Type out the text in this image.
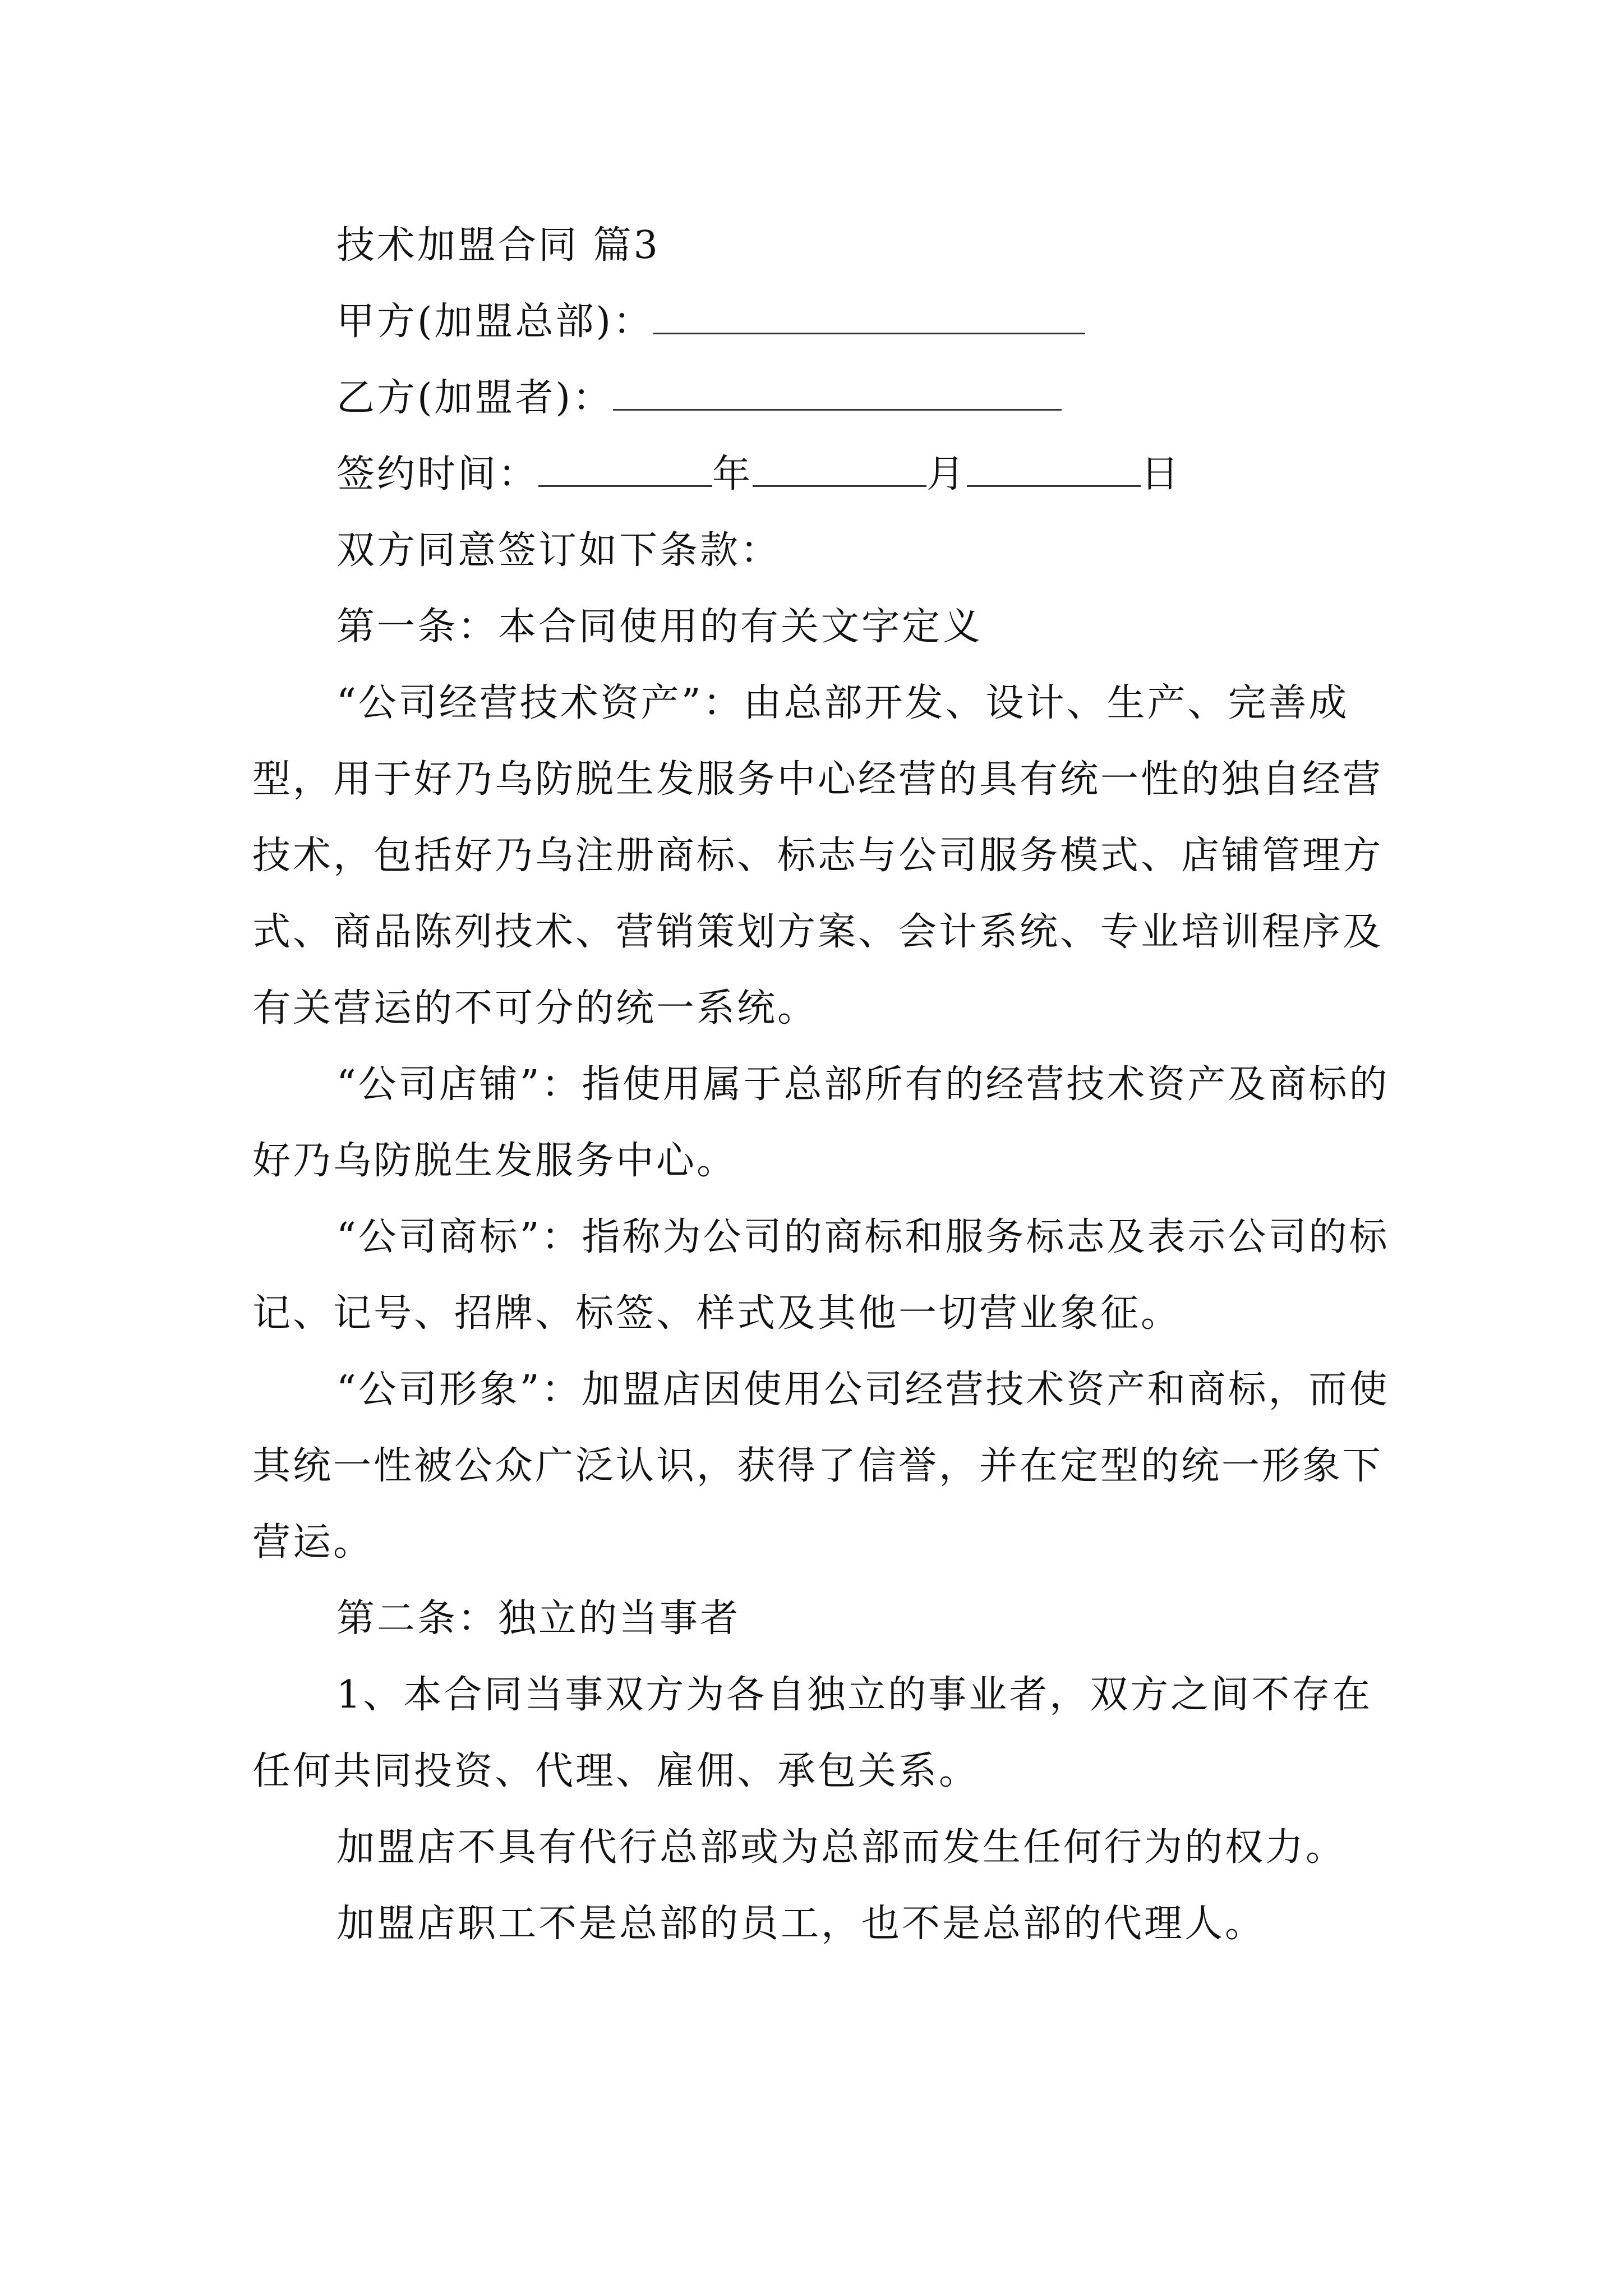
技术加盟合同 篇3

甲方(加盟总部)：

乙方(加盟者)：

签约时间：	年	月	日

双方同意签订如下条款：

第一条：本合同使用的有关文字定义

“公司经营技术资产”：由总部开发、设计、生产、完善成型，用于好乃乌防脱生发服务中心经营的具有统一性的独自经营技术，包括好乃乌注册商标、标志与公司服务模式、店铺管理方式、商品陈列技术、营销策划方案、会计系统、专业培训程序及有关营运的不可分的统一系统。

“公司店铺”：指使用属于总部所有的经营技术资产及商标的好乃乌防脱生发服务中心。

“公司商标”：指称为公司的商标和服务标志及表示公司的标记、记号、招牌、标签、样式及其他一切营业象征。

“公司形象”：加盟店因使用公司经营技术资产和商标，而使其统一性被公众广泛认识，获得了信誉，并在定型的统一形象下营运。

第二条：独立的当事者

1、本合同当事双方为各自独立的事业者，双方之间不存在任何共同投资、代理、雇佣、承包关系。

加盟店不具有代行总部或为总部而发生任何行为的权力。

加盟店职工不是总部的员工，也不是总部的代理人。
